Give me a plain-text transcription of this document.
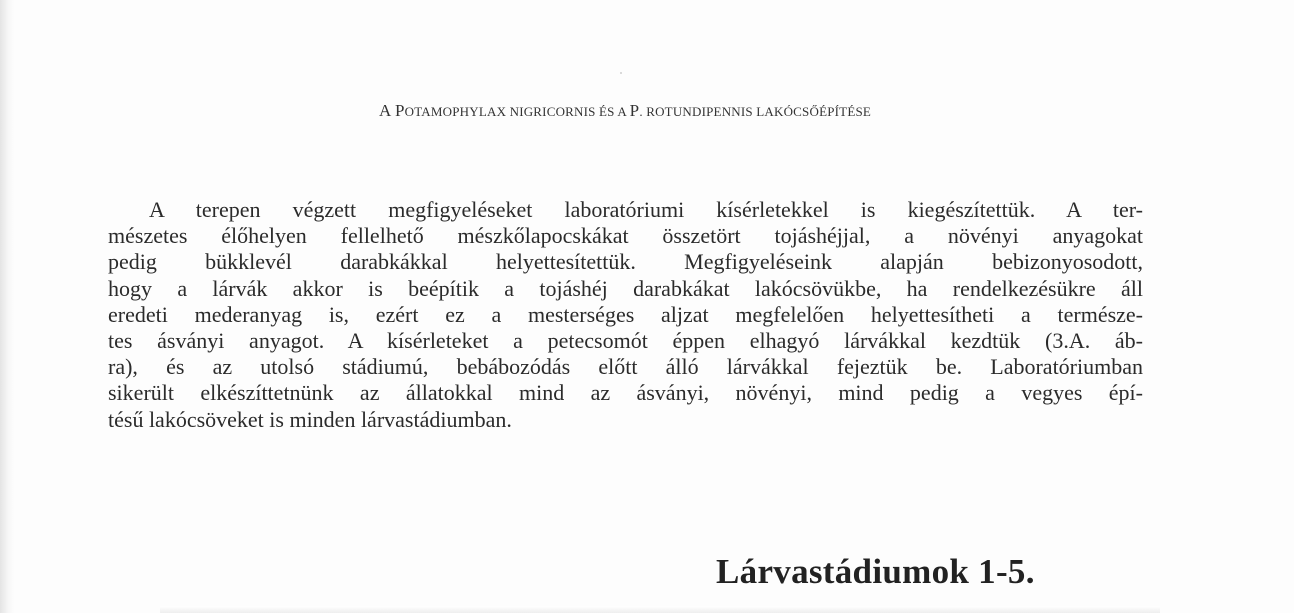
A POTAMOPHYLAX NIGRICORNIS ÉS A P. ROTUNDIPENNIS LAKÓCSŐÉPÍTÉSE

A terepen végzett megfigyeléseket laboratóriumi kísérletekkel is kiegészítettük. A ter-
mészetes élőhelyen fellelhető mészkőlapocskákat összetört tojáshéjjal, a növényi anyagokat
pedig bükklevél darabkákkal helyettesítettük. Megfigyeléseink alapján bebizonyosodott,
hogy a lárvák akkor is beépítik a tojáshéj darabkákat lakócsövükbe, ha rendelkezésükre áll
eredeti mederanyag is, ezért ez a mesterséges aljzat megfelelően helyettesítheti a természe-
tes ásványi anyagot. A kísérleteket a petecsomót éppen elhagyó lárvákkal kezdtük (3.A. áb-
ra), és az utolsó stádiumú, bebábozódás előtt álló lárvákkal fejeztük be. Laboratóriumban
sikerült elkészíttetnünk az állatokkal mind az ásványi, növényi, mind pedig a vegyes épí-
tésű lakócsöveket is minden lárvastádiumban.

Lárvastádiumok 1-5.
